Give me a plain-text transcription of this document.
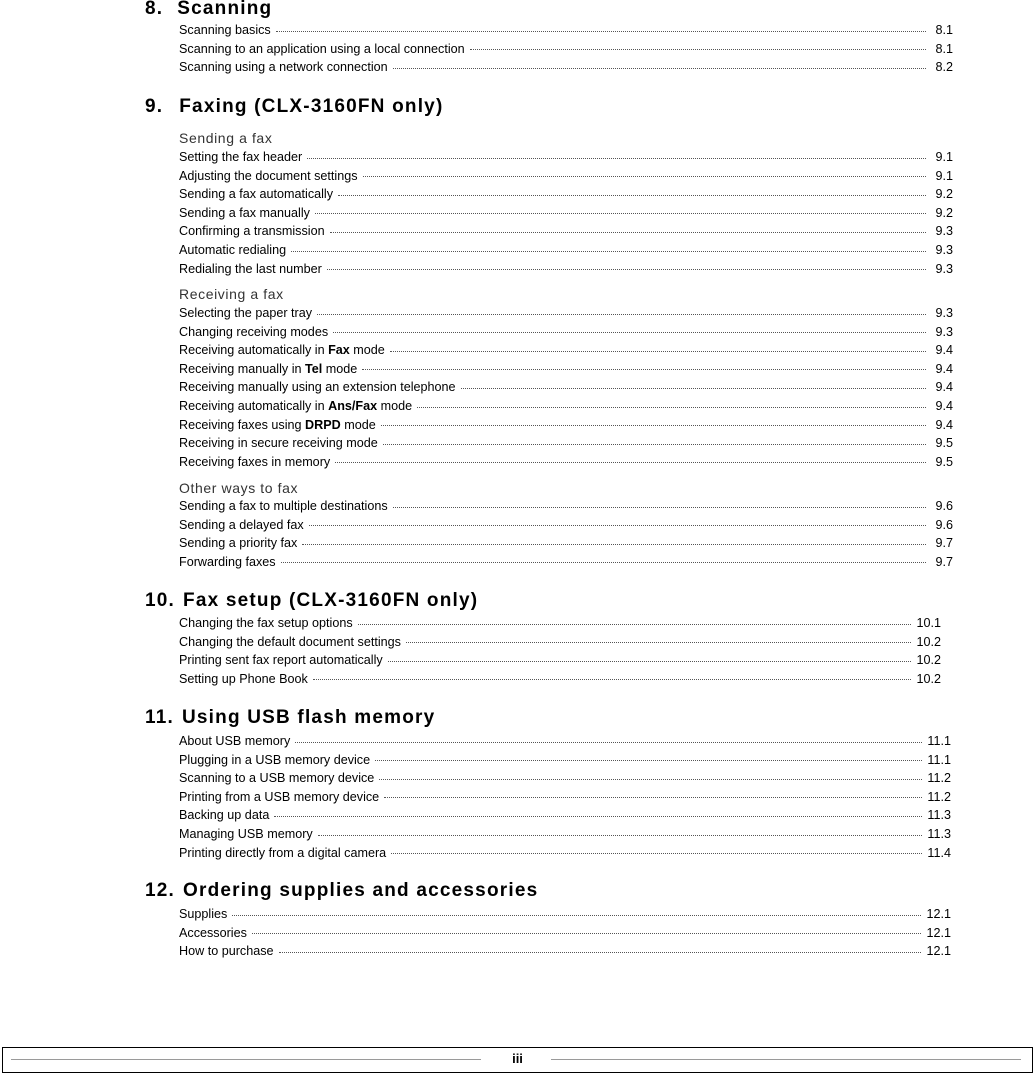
8. Scanning
Scanning basics	8.1
Scanning to an application using a local connection	8.1
Scanning using a network connection	8.2
9. Faxing (CLX-3160FN only)
Sending a fax
Setting the fax header	9.1
Adjusting the document settings	9.1
Sending a fax automatically	9.2
Sending a fax manually	9.2
Confirming a transmission	9.3
Automatic redialing	9.3
Redialing the last number	9.3
Receiving a fax
Selecting the paper tray	9.3
Changing receiving modes	9.3
Receiving automatically in Fax mode	9.4
Receiving manually in Tel mode	9.4
Receiving manually using an extension telephone	9.4
Receiving automatically in Ans/Fax mode	9.4
Receiving faxes using DRPD mode	9.4
Receiving in secure receiving mode	9.5
Receiving faxes in memory	9.5
Other ways to fax
Sending a fax to multiple destinations	9.6
Sending a delayed fax	9.6
Sending a priority fax	9.7
Forwarding faxes	9.7
10. Fax setup (CLX-3160FN only)
Changing the fax setup options	10.1
Changing the default document settings	10.2
Printing sent fax report automatically	10.2
Setting up Phone Book	10.2
11. Using USB flash memory
About USB memory	11.1
Plugging in a USB memory device	11.1
Scanning to a USB memory device	11.2
Printing from a USB memory device	11.2
Backing up data	11.3
Managing USB memory	11.3
Printing directly from a digital camera	11.4
12. Ordering supplies and accessories
Supplies	12.1
Accessories	12.1
How to purchase	12.1
iii
